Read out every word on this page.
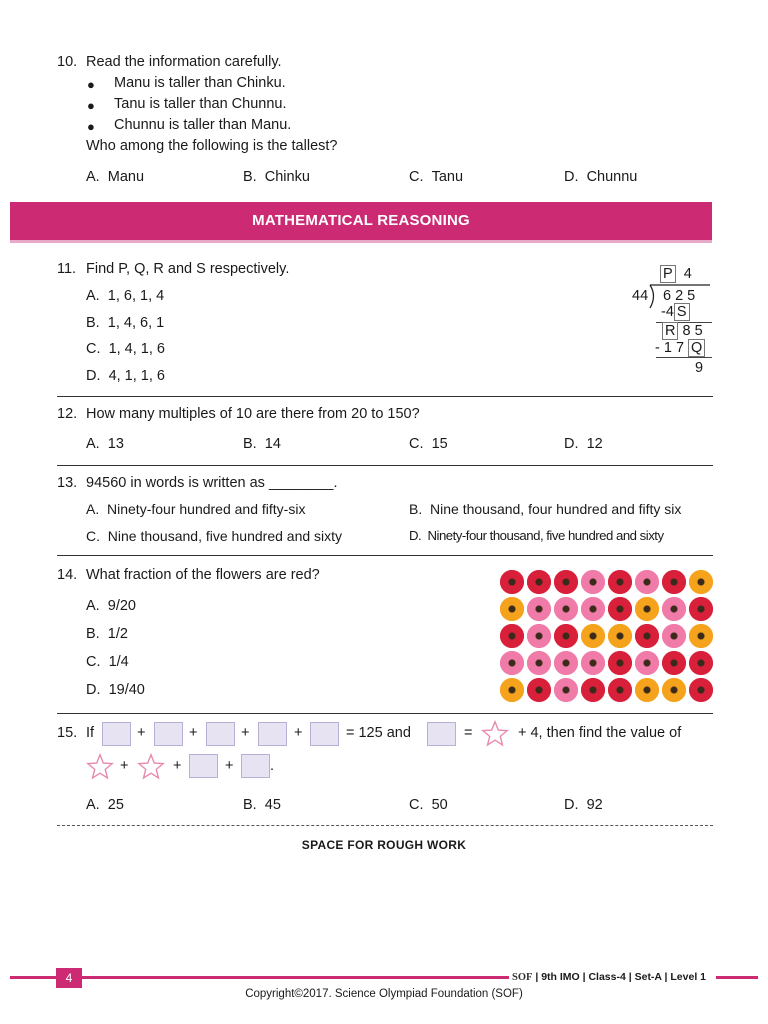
10. Read the information carefully.
● Manu is taller than Chinku.
● Tanu is taller than Chunnu.
● Chunnu is taller than Manu.
Who among the following is the tallest?
A. Manu	B. Chinku	C. Tanu	D. Chunnu
MATHEMATICAL REASONING
11. Find P, Q, R and S respectively.
A. 1, 6, 1, 4
B. 1, 4, 6, 1
C. 1, 4, 1, 6
D. 4, 1, 1, 6
P 4
44 6 2 5
-4 S
R 8 5
- 1 7 Q
9
12. How many multiples of 10 are there from 20 to 150?
A. 13	B. 14	C. 15	D. 12
13. 94560 in words is written as ________.
A. Ninety-four hundred and fifty-six	B. Nine thousand, four hundred and fifty six
C. Nine thousand, five hundred and sixty	D. Ninety-four thousand, five hundred and sixty
14. What fraction of the flowers are red?
A. 9/20
B. 1/2
C. 1/4
D. 19/40
15. If	+	+	+	+	= 125 and	=	+ 4, then find the value of
+	+	+	.
A. 25	B. 45	C. 50	D. 92
SPACE FOR ROUGH WORK
4	SOF | 9th IMO | Class-4 | Set-A | Level 1
Copyright©2017. Science Olympiad Foundation (SOF)
